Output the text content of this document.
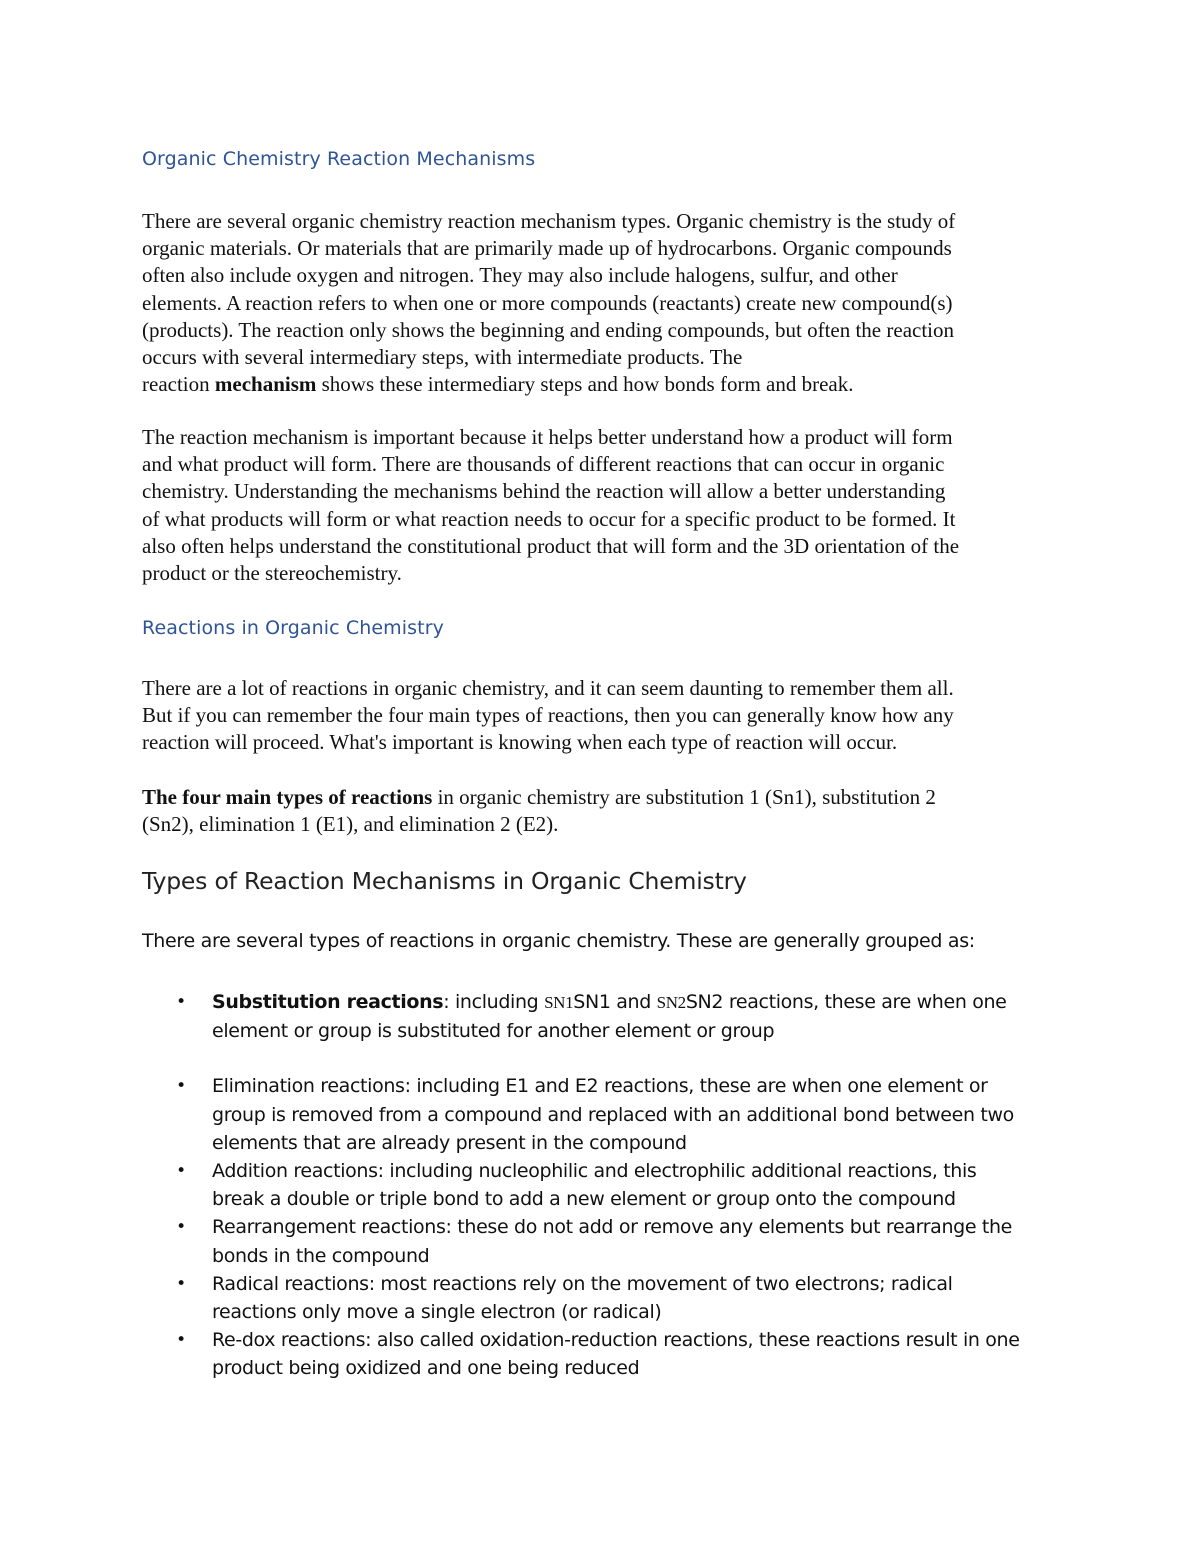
Organic Chemistry Reaction Mechanisms
There are several organic chemistry reaction mechanism types. Organic chemistry is the study of
organic materials. Or materials that are primarily made up of hydrocarbons. Organic compounds
often also include oxygen and nitrogen. They may also include halogens, sulfur, and other
elements. A reaction refers to when one or more compounds (reactants) create new compound(s)
(products). The reaction only shows the beginning and ending compounds, but often the reaction
occurs with several intermediary steps, with intermediate products. The
reaction mechanism shows these intermediary steps and how bonds form and break.
The reaction mechanism is important because it helps better understand how a product will form
and what product will form. There are thousands of different reactions that can occur in organic
chemistry. Understanding the mechanisms behind the reaction will allow a better understanding
of what products will form or what reaction needs to occur for a specific product to be formed. It
also often helps understand the constitutional product that will form and the 3D orientation of the
product or the stereochemistry.
Reactions in Organic Chemistry
There are a lot of reactions in organic chemistry, and it can seem daunting to remember them all.
But if you can remember the four main types of reactions, then you can generally know how any
reaction will proceed. What's important is knowing when each type of reaction will occur.
The four main types of reactions in organic chemistry are substitution 1 (Sn1), substitution 2
(Sn2), elimination 1 (E1), and elimination 2 (E2).
Types of Reaction Mechanisms in Organic Chemistry
There are several types of reactions in organic chemistry. These are generally grouped as:
• Substitution reactions: including SN1SN1 and SN2SN2 reactions, these are when one
element or group is substituted for another element or group
• Elimination reactions: including E1 and E2 reactions, these are when one element or
group is removed from a compound and replaced with an additional bond between two
elements that are already present in the compound
• Addition reactions: including nucleophilic and electrophilic additional reactions, this
break a double or triple bond to add a new element or group onto the compound
• Rearrangement reactions: these do not add or remove any elements but rearrange the
bonds in the compound
• Radical reactions: most reactions rely on the movement of two electrons; radical
reactions only move a single electron (or radical)
• Re-dox reactions: also called oxidation-reduction reactions, these reactions result in one
product being oxidized and one being reduced
